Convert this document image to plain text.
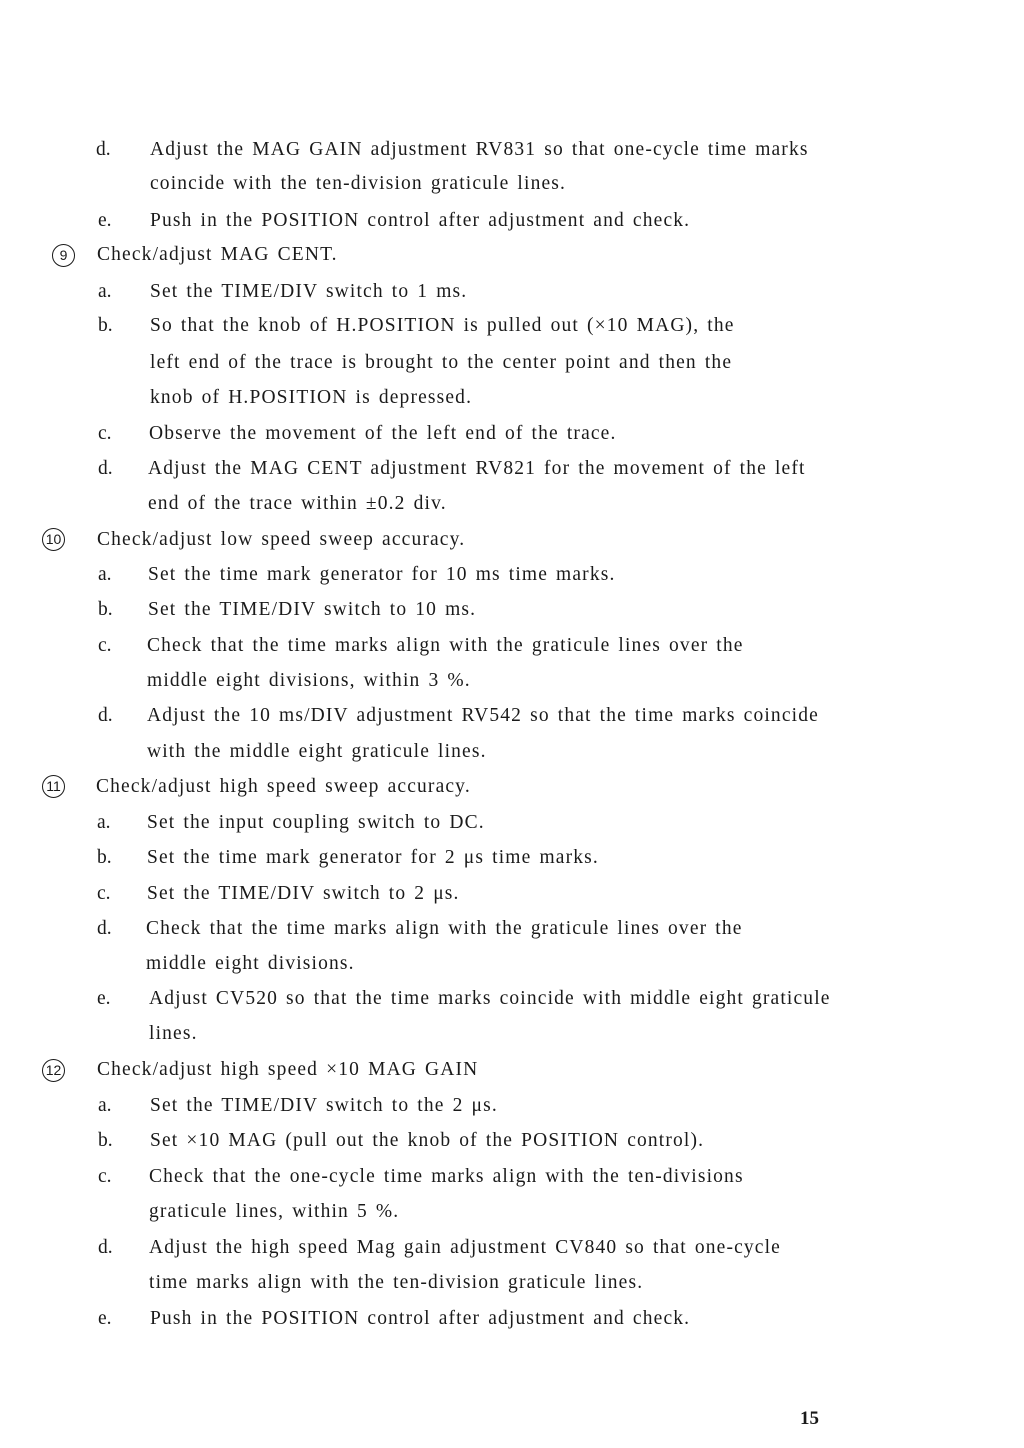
d. Adjust the MAG GAIN adjustment RV831 so that one-cycle time marks
coincide with the ten-division graticule lines.
e. Push in the POSITION control after adjustment and check.
9	Check/adjust MAG CENT.
a. Set the TIME/DIV switch to 1 ms.
b. So that the knob of H.POSITION is pulled out (×10 MAG), the
left end of the trace is brought to the center point and then the
knob of H.POSITION is depressed.
c. Observe the movement of the left end of the trace.
d. Adjust the MAG CENT adjustment RV821 for the movement of the left
end of the trace within ±0.2 div.
10 Check/adjust low speed sweep accuracy.
a. Set the time mark generator for 10 ms time marks.
b. Set the TIME/DIV switch to 10 ms.
c. Check that the time marks align with the graticule lines over the
middle eight divisions, within 3 %.
d. Adjust the 10 ms/DIV adjustment RV542 so that the time marks coincide
with the middle eight graticule lines.
11 Check/adjust high speed sweep accuracy.
a. Set the input coupling switch to DC.
b. Set the time mark generator for 2 μs time marks.
c. Set the TIME/DIV switch to 2 μs.
d. Check that the time marks align with the graticule lines over the
middle eight divisions.
e. Adjust CV520 so that the time marks coincide with middle eight graticule
lines.
12 Check/adjust high speed ×10 MAG GAIN
a. Set the TIME/DIV switch to the 2 μs.
b. Set ×10 MAG (pull out the knob of the POSITION control).
c. Check that the one-cycle time marks align with the ten-divisions
graticule lines, within 5 %.
d. Adjust the high speed Mag gain adjustment CV840 so that one-cycle
time marks align with the ten-division graticule lines.
e. Push in the POSITION control after adjustment and check.
15
